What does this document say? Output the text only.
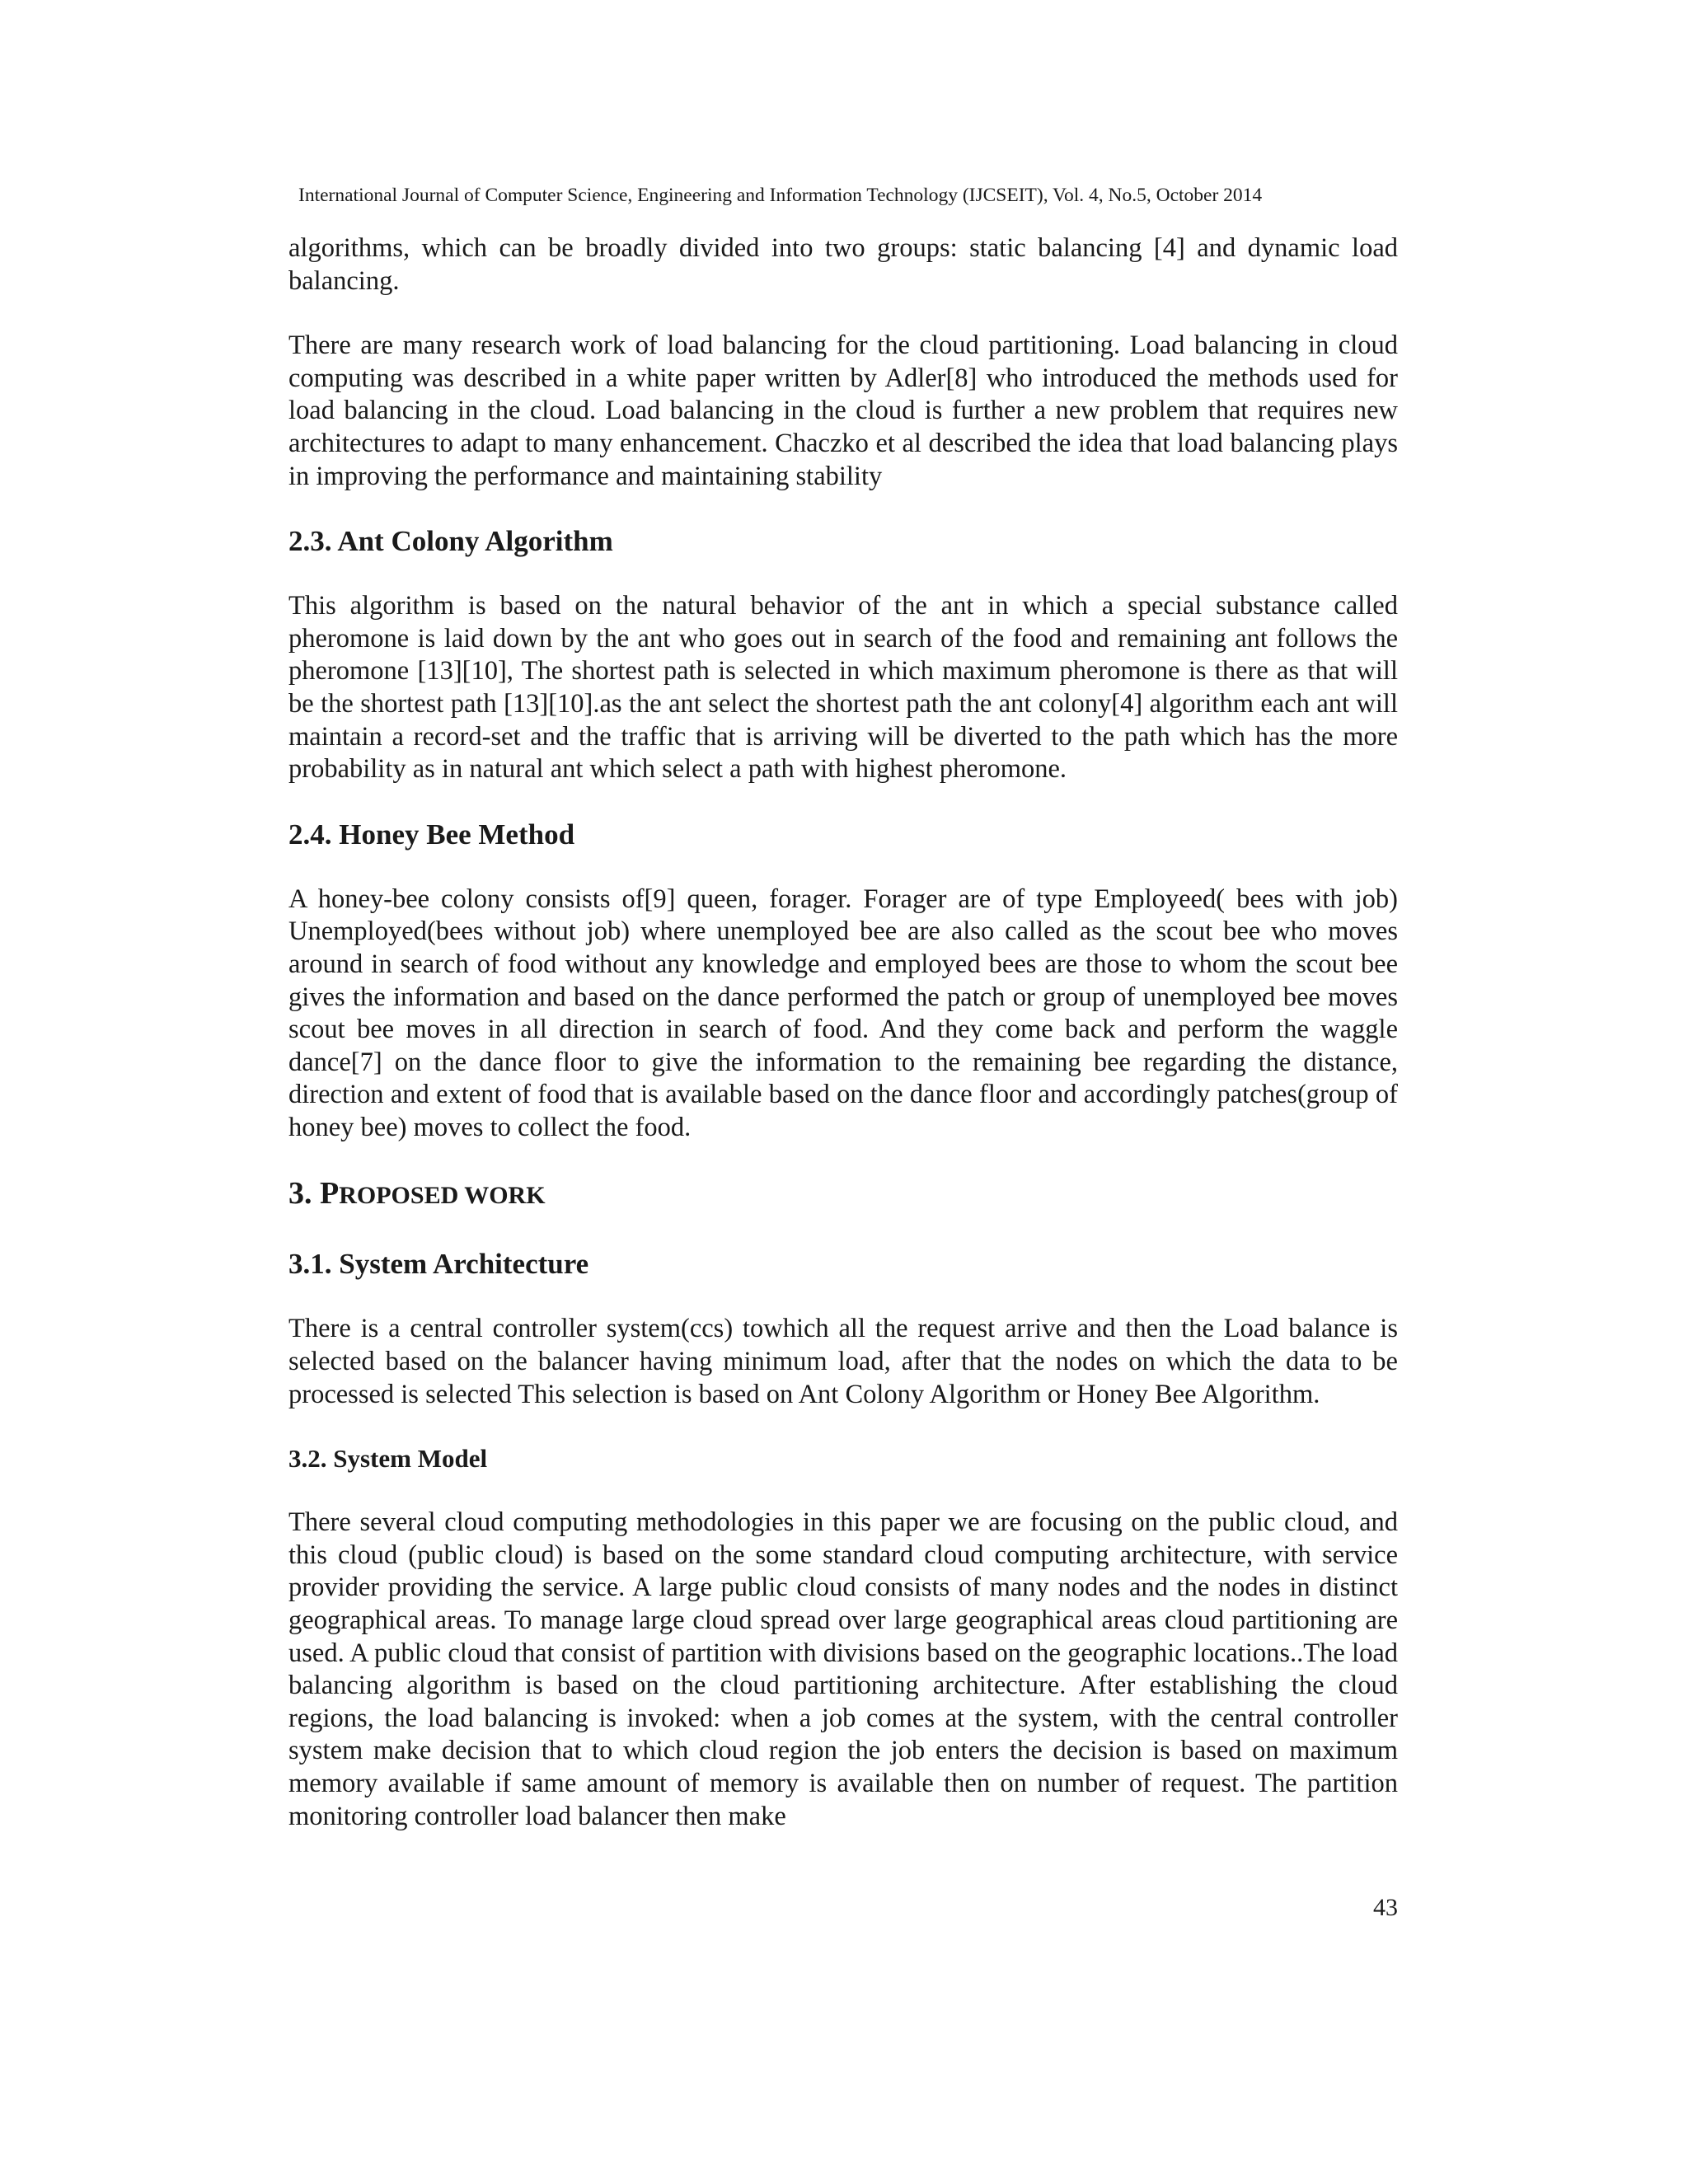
International Journal of Computer Science, Engineering and Information Technology (IJCSEIT), Vol. 4, No.5, October 2014

algorithms, which can be broadly divided into two groups: static balancing [4] and dynamic load balancing.

There are many research work of load balancing for the cloud partitioning. Load balancing in cloud computing was described in a white paper written by Adler[8] who introduced the methods used for load balancing in the cloud. Load balancing in the cloud is further a new problem that requires new architectures to adapt to many enhancement. Chaczko et al described the idea that load balancing plays in improving the performance and maintaining stability

2.3. Ant Colony Algorithm

This algorithm is based on the natural behavior of the ant in which a special substance called pheromone is laid down by the ant who goes out in search of the food and remaining ant follows the pheromone [13][10], The shortest path is selected in which maximum pheromone is there as that will be the shortest path [13][10].as the ant select the shortest path the ant colony[4] algorithm each ant will maintain a record-set and the traffic that is arriving will be diverted to the path which has the more probability as in natural ant which select a path with highest pheromone.

2.4. Honey Bee Method

A honey-bee colony consists of[9] queen, forager. Forager are of type Employeed( bees with job) Unemployed(bees without job) where unemployed bee are also called as the scout bee who moves around in search of food without any knowledge and employed bees are those to whom the scout bee gives the information and based on the dance performed the patch or group of unemployed bee moves scout bee moves in all direction in search of food. And they come back and perform the waggle dance[7] on the dance floor to give the information to the remaining bee regarding the distance, direction and extent of food that is available based on the dance floor and accordingly patches(group of honey bee) moves to collect the food.

3. PROPOSED WORK
3.1. System Architecture

There is a central controller system(ccs) towhich all the request arrive and then the Load balance is selected based on the balancer having minimum load, after that the nodes on which the data to be processed is selected This selection is based on Ant Colony Algorithm or Honey Bee Algorithm.

3.2. System Model

There several cloud computing methodologies in this paper we are focusing on the public cloud, and this cloud (public cloud) is based on the some standard cloud computing architecture, with service provider providing the service. A large public cloud consists of many nodes and the nodes in distinct geographical areas. To manage large cloud spread over large geographical areas cloud partitioning are used. A public cloud that consist of partition with divisions based on the geographic locations..The load balancing algorithm is based on the cloud partitioning architecture. After establishing the cloud regions, the load balancing is invoked: when a job comes at the system, with the central controller system make decision that to which cloud region the job enters the decision is based on maximum memory available if same amount of memory is available then on number of request. The partition monitoring controller load balancer then make

43
